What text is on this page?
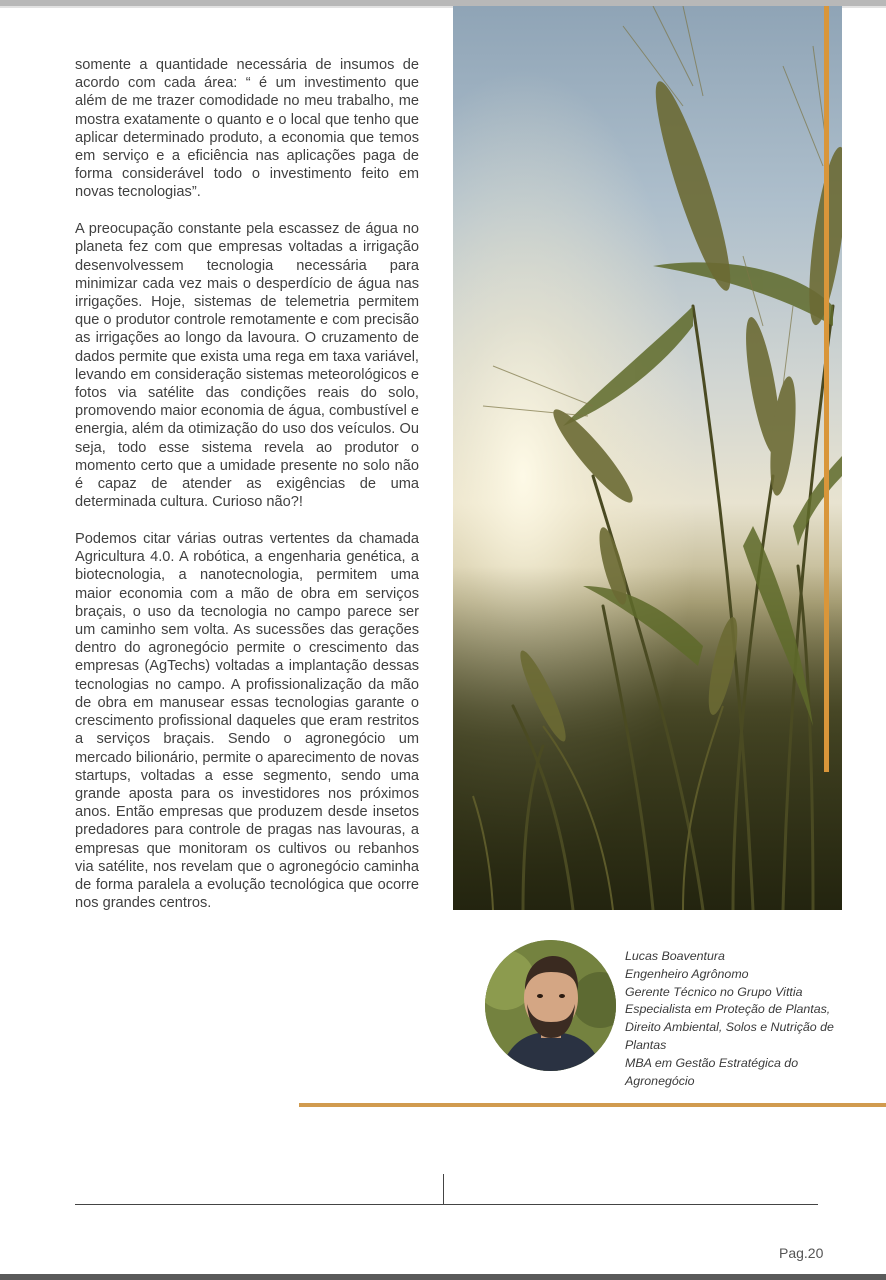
somente a quantidade necessária de insumos de acordo com cada área: “ é um investimento que além de me trazer comodidade no meu trabalho, me mostra exatamente o quanto e o local que tenho que aplicar determinado produto, a economia que temos em serviço e a eficiência nas aplicações paga de forma considerável todo o investimento feito em novas tecnologias”.

A preocupação constante pela escassez de água no planeta fez com que empresas voltadas a irrigação desenvolvessem tecnologia necessária para minimizar cada vez mais o desperdício de água nas irrigações. Hoje, sistemas de telemetria permitem que o produtor controle remotamente e com precisão as irrigações ao longo da lavoura. O cruzamento de dados permite que exista uma rega em taxa variável, levando em consideração sistemas meteorológicos e fotos via satélite das condições reais do solo, promovendo maior economia de água, combustível e energia, além da otimização do uso dos veículos. Ou seja, todo esse sistema revela ao produtor o momento certo que a umidade presente no solo não é capaz de atender as exigências de uma determinada cultura. Curioso não?!

Podemos citar várias outras vertentes da chamada Agricultura 4.0. A robótica, a engenharia genética, a biotecnologia, a nanotecnologia, permitem uma maior economia com a mão de obra em serviços braçais, o uso da tecnologia no campo parece ser um caminho sem volta. As sucessões das gerações dentro do agronegócio permite o crescimento das empresas (AgTechs) voltadas a implantação dessas tecnologias no campo. A profissionalização da mão de obra em manusear essas tecnologias garante o crescimento profissional daqueles que eram restritos a serviços braçais. Sendo o agronegócio um mercado bilionário, permite o aparecimento de novas startups, voltadas a esse segmento, sendo uma grande aposta para os investidores nos próximos anos. Então empresas que produzem desde insetos predadores para controle de pragas nas lavouras, a empresas que monitoram os cultivos ou rebanhos via satélite, nos revelam que o agronegócio caminha de forma paralela a evolução tecnológica que ocorre nos grandes centros.

Lucas Boaventura
Engenheiro Agrônomo
Gerente Técnico no Grupo Vittia
Especialista em Proteção de Plantas, Direito Ambiental, Solos e Nutrição de Plantas
MBA em Gestão Estratégica do Agronegócio
Pag.20
